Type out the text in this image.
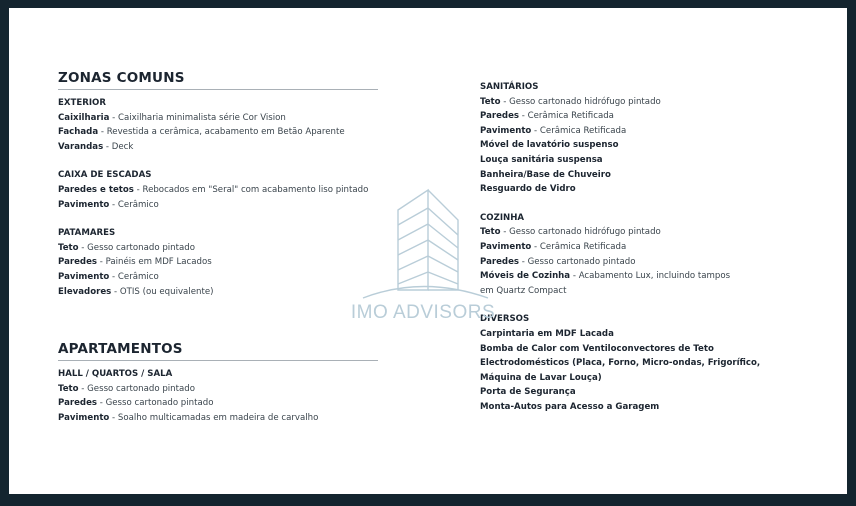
ZONAS COMUNS
EXTERIOR
Caixilharia - Caixilharia minimalista série Cor Vision
Fachada - Revestida a cerâmica, acabamento em Betão Aparente
Varandas - Deck
CAIXA DE ESCADAS
Paredes e tetos - Rebocados em "Seral" com acabamento liso pintado
Pavimento - Cerâmico
PATAMARES
Teto - Gesso cartonado pintado
Paredes - Painéis em MDF Lacados
Pavimento - Cerâmico
Elevadores - OTIS (ou equivalente)
APARTAMENTOS
HALL / QUARTOS / SALA
Teto - Gesso cartonado pintado
Paredes - Gesso cartonado pintado
Pavimento - Soalho multicamadas em madeira de carvalho
SANITÁRIOS
Teto - Gesso cartonado hidrófugo pintado
Paredes - Cerâmica Retificada
Pavimento - Cerâmica Retificada
Móvel de lavatório suspenso
Louça sanitária suspensa
Banheira/Base de Chuveiro
Resguardo de Vidro
COZINHA
Teto - Gesso cartonado hidrófugo pintado
Pavimento - Cerâmica Retificada
Paredes - Gesso cartonado pintado
Móveis de Cozinha - Acabamento Lux, incluindo tampos
em Quartz Compact
DIVERSOS
Carpintaria em MDF Lacada
Bomba de Calor com Ventiloconvectores de Teto
Electrodomésticos (Placa, Forno, Micro-ondas, Frigorífico,
Máquina de Lavar Louça)
Porta de Segurança
Monta-Autos para Acesso a Garagem
IMO ADVISORS
